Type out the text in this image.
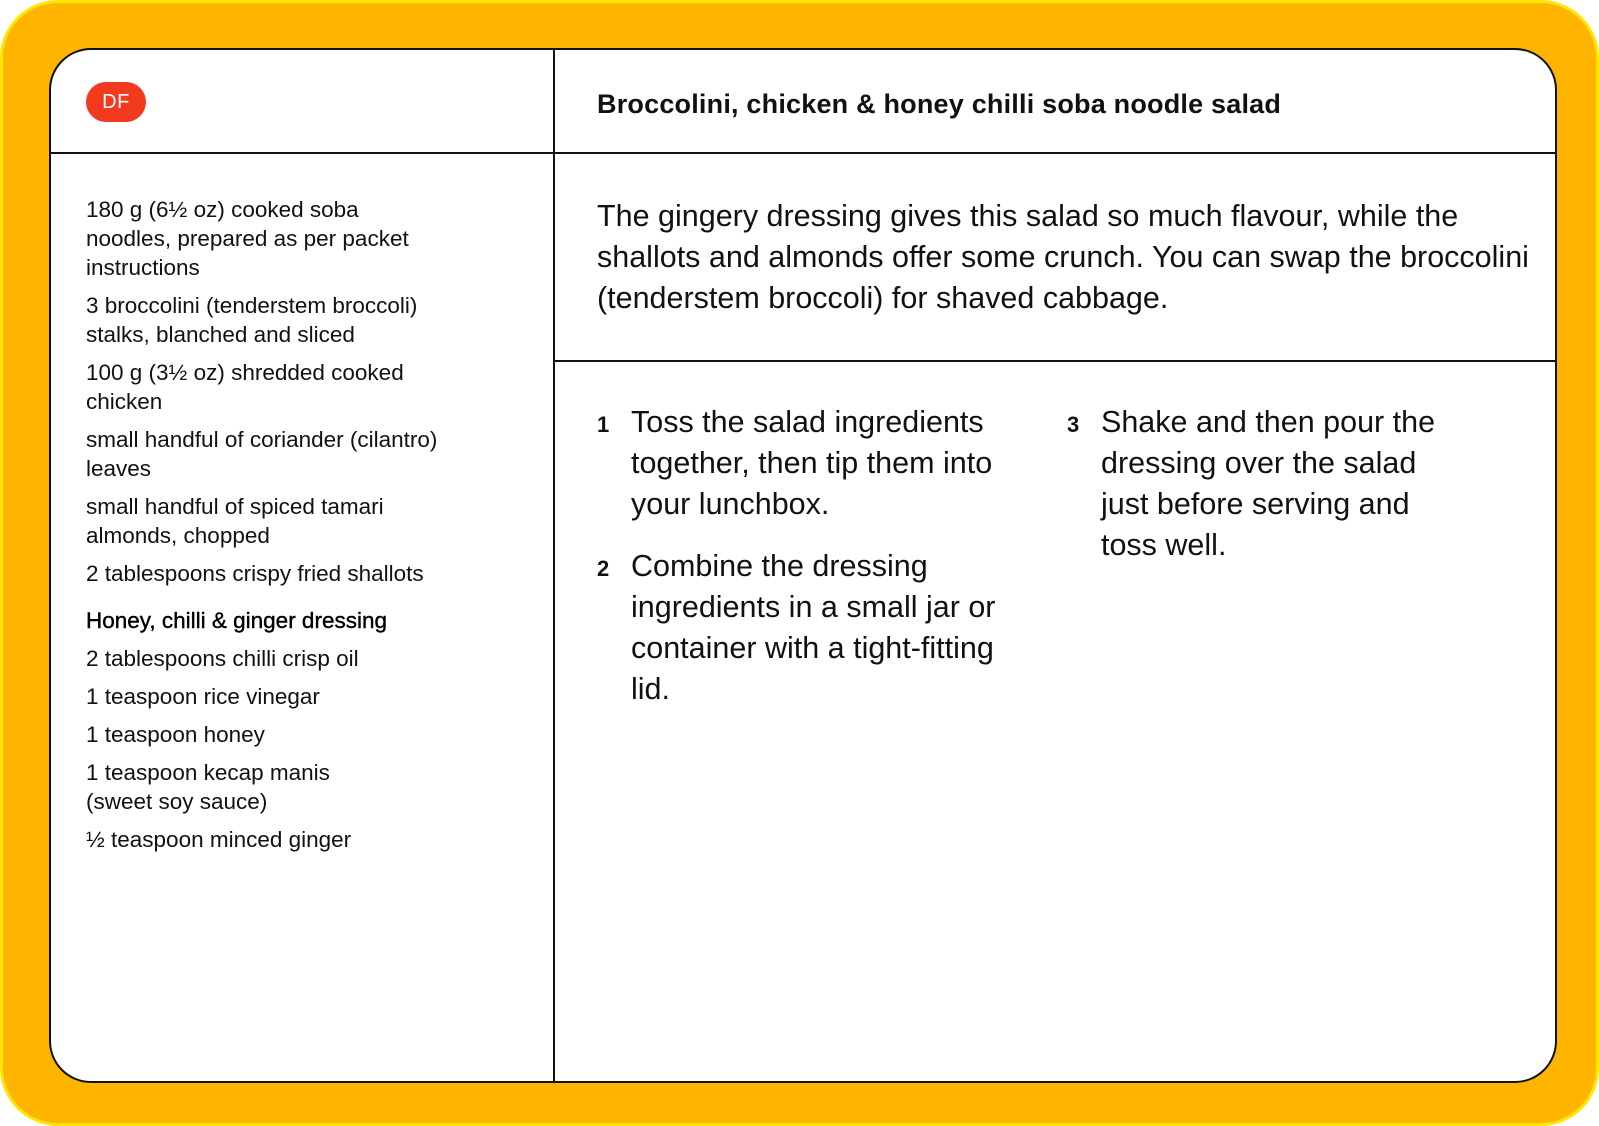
DF	Broccolini, chicken & honey chilli soba noodle salad

180 g (6½ oz) cooked soba noodles, prepared as per packet instructions

3 broccolini (tenderstem broccoli) stalks, blanched and sliced

100 g (3½ oz) shredded cooked chicken

small handful of coriander (cilantro) leaves

small handful of spiced tamari almonds, chopped

2 tablespoons crispy fried shallots

Honey, chilli & ginger dressing

2 tablespoons chilli crisp oil

1 teaspoon rice vinegar

1 teaspoon honey

1 teaspoon kecap manis (sweet soy sauce)

½ teaspoon minced ginger

The gingery dressing gives this salad so much flavour, while the shallots and almonds offer some crunch. You can swap the broccolini (tenderstem broccoli) for shaved cabbage.

1 Toss the salad ingredients together, then tip them into your lunchbox.
2 Combine the dressing ingredients in a small jar or container with a tight-fitting lid.
3 Shake and then pour the dressing over the salad just before serving and toss well.
